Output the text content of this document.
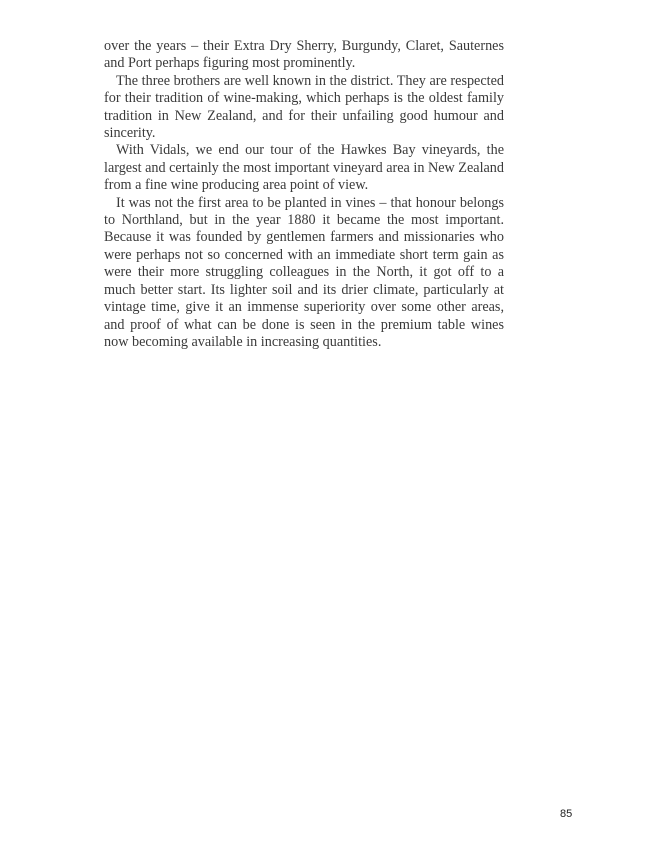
over the years – their Extra Dry Sherry, Burgundy, Claret, Sauternes and Port perhaps figuring most prominently.

The three brothers are well known in the district. They are respected for their tradition of wine-making, which perhaps is the oldest family tradition in New Zealand, and for their unfailing good humour and sincerity.

With Vidals, we end our tour of the Hawkes Bay vineyards, the largest and certainly the most important vineyard area in New Zealand from a fine wine producing area point of view.

It was not the first area to be planted in vines – that honour belongs to Northland, but in the year 1880 it became the most important. Because it was founded by gentlemen farmers and missionaries who were perhaps not so concerned with an immediate short term gain as were their more struggling colleagues in the North, it got off to a much better start. Its lighter soil and its drier climate, particularly at vintage time, give it an immense superiority over some other areas, and proof of what can be done is seen in the premium table wines now becoming available in increasing quantities.

85
